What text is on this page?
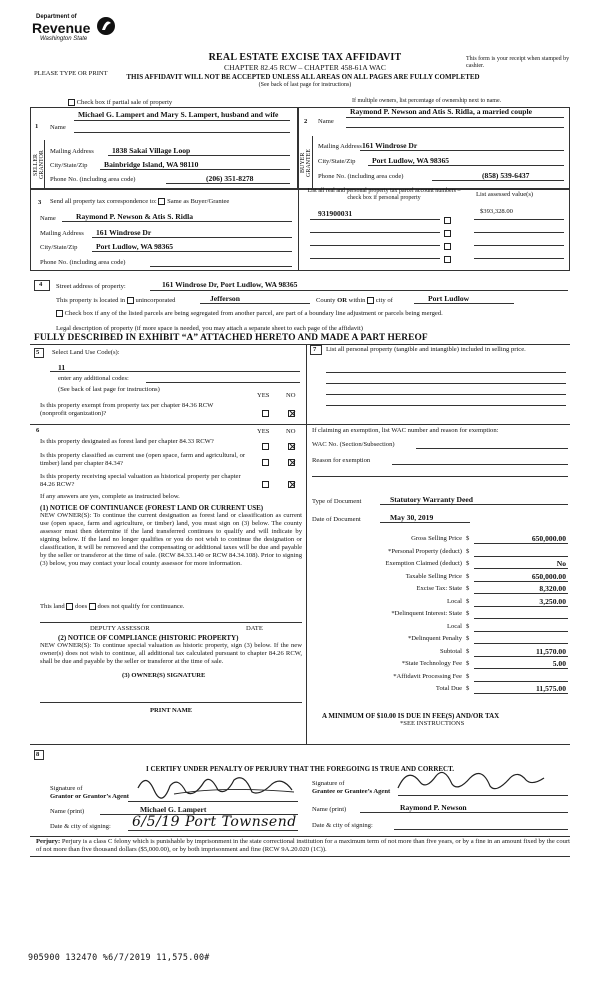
Department of
Revenue
Washington State
REAL ESTATE EXCISE TAX AFFIDAVIT
CHAPTER 82.45 RCW – CHAPTER 458-61A WAC
PLEASE TYPE OR PRINT
This form is your receipt when stamped by cashier.
THIS AFFIDAVIT WILL NOT BE ACCEPTED UNLESS ALL AREAS ON ALL PAGES ARE FULLY COMPLETED
(See back of last page for instructions)
Check box if partial sale of property	If multiple owners, list percentage of ownership next to name.
1
2
Name
Michael G. Lampert and Mary S. Lampert, husband and wife
SELLER GRANTOR Mailing Address 1838 Sakai Village Loop
City/State/Zip Bainbridge Island, WA 98110
Phone No. (including area code)	(206) 351-8278
Name
Raymond P. Newson and Atis S. Ridla, a married couple
BUYER GRANTEE
Mailing Address 161 Windrose Dr
City/State/Zip Port Ludlow, WA 98365
Phone No. (including area code)	(858) 539-6437
3 Send all property tax correspondence to: Same as Buyer/Grantee
Name	Raymond P. Newson & Atis S. Ridla
Mailing Address 161 Windrose Dr
City/State/Zip Port Ludlow, WA 98365
Phone No. (including area code)
List all real and personal property tax parcel account numbers – check box if personal property	List assessed value(s)
931900031	$393,328.00
4 Street address of property:	161 Windrose Dr, Port Ludlow, WA 98365
This property is located in unincorporated	Jefferson	County OR within city of	Port Ludlow
Check box if any of the listed parcels are being segregated from another parcel, are part of a boundary line adjustment or parcels being merged.
Legal description of property (if more space is needed, you may attach a separate sheet to each page of the affidavit)
FULLY DESCRIBED IN EXHIBIT “A” ATTACHED HERETO AND MADE A PART HEREOF
5 Select Land Use Code(s):
11
enter any additional codes:
(See back of last page for instructions)
YES	NO
Is this property exempt from property tax per chapter 84.36 RCW (nonprofit organization)?
7 List all personal property (tangible and intangible) included in selling price.
6	YES	NO
Is this property designated as forest land per chapter 84.33 RCW?
Is this property classified as current use (open space, farm and agricultural, or timber) land per chapter 84.34?
Is this property receiving special valuation as historical property per chapter 84.26 RCW?
If any answers are yes, complete as instructed below.
(1) NOTICE OF CONTINUANCE (FOREST LAND OR CURRENT USE)
NEW OWNER(S): To continue the current designation as forest land or classification as current use (open space, farm and agriculture, or timber) land, you must sign on (3) below. The county assessor must then determine if the land transferred continues to qualify and will indicate by signing below. If the land no longer qualifies or you do not wish to continue the designation or classification, it will be removed and the compensating or additional taxes will be due and payable by the seller or transferor at the time of sale. (RCW 84.33.140 or RCW 84.34.108). Prior to signing (3) below, you may contact your local county assessor for more information.
This land does does not qualify for continuance.
DEPUTY ASSESSOR	DATE
(2) NOTICE OF COMPLIANCE (HISTORIC PROPERTY)
NEW OWNER(S): To continue special valuation as historic property, sign (3) below. If the new owner(s) does not wish to continue, all additional tax calculated pursuant to chapter 84.26 RCW, shall be due and payable by the seller or transferor at the time of sale.
(3) OWNER(S) SIGNATURE
PRINT NAME
If claiming an exemption, list WAC number and reason for exemption:
WAC No. (Section/Subsection)
Reason for exemption
Type of Document	Statutory Warranty Deed
Date of Document	May 30, 2019
Gross Selling Price $	650,000.00
*Personal Property (deduct) $
Exemption Claimed (deduct) $	No
Taxable Selling Price $	650,000.00
Excise Tax: State $	8,320.00
Local $	3,250.00
*Delinquent Interest: State $
Local $
*Delinquent Penalty $
Subtotal $	11,570.00
*State Technology Fee $	5.00
*Affidavit Processing Fee $
Total Due $	11,575.00
A MINIMUM OF $10.00 IS DUE IN FEE(S) AND/OR TAX
*SEE INSTRUCTIONS
8
I CERTIFY UNDER PENALTY OF PERJURY THAT THE FOREGOING IS TRUE AND CORRECT.
Signature of
Grantor or Grantor’s Agent
Name (print)	Michael G. Lampert
Date & city of signing: 6/5/19 Port Townsend
Signature of
Grantee or Grantee’s Agent
Name (print)	Raymond P. Newson
Date & city of signing:
Perjury: Perjury is a class C felony which is punishable by imprisonment in the state correctional institution for a maximum term of not more than five years, or by a fine in an amount fixed by the court of not more than five thousand dollars ($5,000.00), or by both imprisonment and fine (RCW 9A.20.020 (1C)).
905900 132470 %6/7/2019 11,575.00#
